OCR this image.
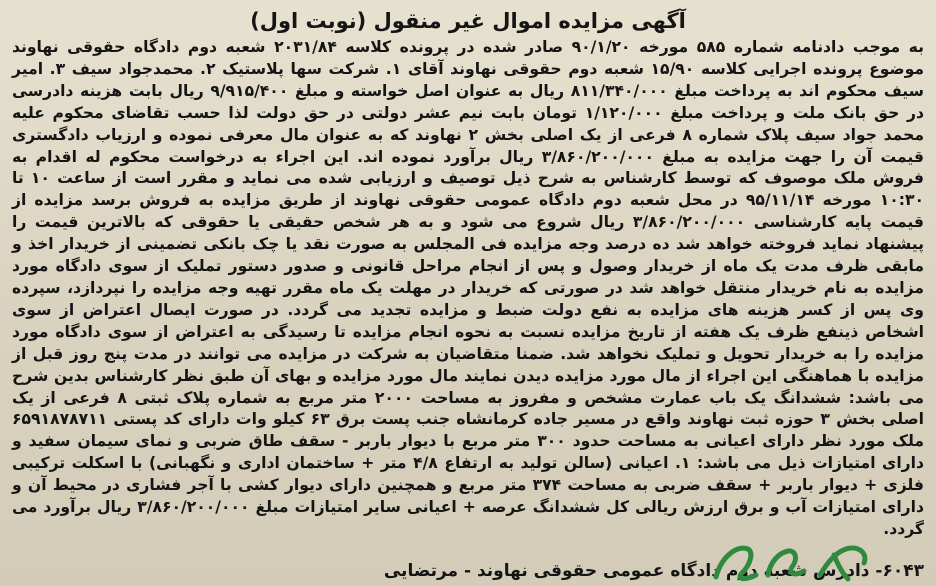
آگهی مزایده اموال غیر منقول (نوبت اول)

به موجب دادنامه شماره ۵۸۵ مورخه ۹۰/۱/۲۰ صادر شده در پرونده کلاسه ۲۰۳۱/۸۴ شعبه دوم دادگاه حقوقی نهاوند موضوع پرونده اجرایی کلاسه ۱۵/۹۰ شعبه دوم حقوقی نهاوند آقای ۱. شرکت سها پلاستیک ۲. محمدجواد سیف ۳. امیر سیف محکوم اند به پرداخت مبلغ ۸۱۱/۳۴۰/۰۰۰ ریال به عنوان اصل خواسته و مبلغ ۹/۹۱۵/۴۰۰ ریال بابت هزینه دادرسی در حق بانک ملت و پرداخت مبلغ ۱/۱۲۰/۰۰۰ تومان بابت نیم عشر دولتی در حق دولت لذا حسب تقاضای محکوم علیه محمد جواد سیف پلاک شماره ۸ فرعی از یک اصلی بخش ۲ نهاوند که به عنوان مال معرفی نموده و ارزیاب دادگستری قیمت آن را جهت مزایده به مبلغ ۳/۸۶۰/۲۰۰/۰۰۰ ریال برآورد نموده اند. این اجراء به درخواست محکوم له اقدام به فروش ملک موصوف که توسط کارشناس به شرح ذیل توصیف و ارزیابی شده می نماید و مقرر است از ساعت ۱۰ تا ۱۰:۳۰ مورخه ۹۵/۱۱/۱۴ در محل شعبه دوم دادگاه عمومی حقوقی نهاوند از طریق مزایده به فروش برسد مزایده از قیمت پایه کارشناسی ۳/۸۶۰/۲۰۰/۰۰۰ ریال شروع می شود و به هر شخص حقیقی یا حقوقی که بالاترین قیمت را پیشنهاد نماید فروخته خواهد شد ده درصد وجه مزایده فی المجلس به صورت نقد یا چک بانکی تضمینی از خریدار اخذ و مابقی ظرف مدت یک ماه از خریدار وصول و پس از انجام مراحل قانونی و صدور دستور تملیک از سوی دادگاه مورد مزایده به نام خریدار منتقل خواهد شد در صورتی که خریدار در مهلت یک ماه مقرر تهیه وجه مزایده را نپردازد، سپرده وی پس از کسر هزینه های مزایده به نفع دولت ضبط و مزایده تجدید می گردد. در صورت ایصال اعتراض از سوی اشخاص ذینفع ظرف یک هفته از تاریخ مزایده نسبت به نحوه انجام مزایده تا رسیدگی به اعتراض از سوی دادگاه مورد مزایده را به خریدار تحویل و تملیک نخواهد شد. ضمنا متقاضیان به شرکت در مزایده می توانند در مدت پنج روز قبل از مزایده با هماهنگی این اجراء از مال مورد مزایده دیدن نمایند مال مورد مزایده و بهای آن طبق نظر کارشناس بدین شرح می باشد: ششدانگ یک باب عمارت مشخص و مفروز به مساحت ۲۰۰۰ متر مربع به شماره پلاک ثبتی ۸ فرعی از یک اصلی بخش ۳ حوزه ثبت نهاوند واقع در مسیر جاده کرمانشاه جنب پست برق ۶۳ کیلو وات دارای کد پستی ۶۵۹۱۸۷۸۷۱۱ ملک مورد نظر دارای اعیانی به مساحت حدود ۳۰۰ متر مربع با دیوار باربر - سقف طاق ضربی و نمای سیمان سفید و دارای امتیازات ذیل می باشد: ۱. اعیانی (سالن تولید به ارتفاع ۴/۸ متر + ساختمان اداری و نگهبانی) با اسکلت ترکیبی فلزی + دیوار باربر + سقف ضربی به مساحت ۳۷۴ متر مربع و همچنین دارای دیوار کشی با آجر فشاری در محیط آن و دارای امتیازات آب و برق ارزش ریالی کل ششدانگ عرصه + اعیانی سایر امتیازات مبلغ ۳/۸۶۰/۲۰۰/۰۰۰ ریال برآورد می گردد.

۶۰۴۳- دادرس شعبه دوم دادگاه عمومی حقوقی نهاوند - مرتضایی
